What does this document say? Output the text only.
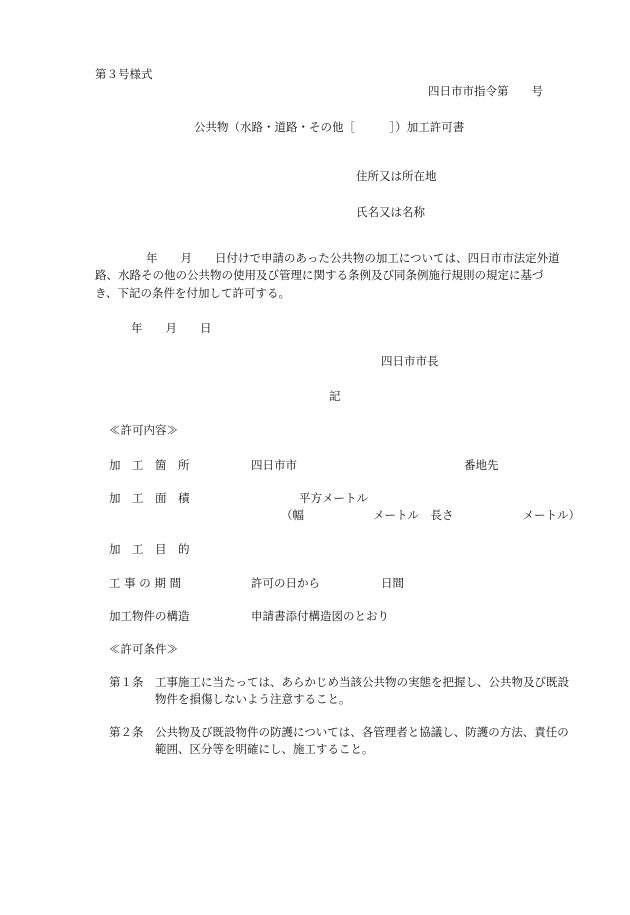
第３号様式
四日市市指令第　　号
公共物（水路・道路・その他［　　　］）加工許可書
住所又は所在地
氏名又は名称
年　　月　　日付けで申請のあった公共物の加工については、四日市市法定外道
路、水路その他の公共物の使用及び管理に関する条例及び同条例施行規則の規定に基づ
き、下記の条件を付加して許可する。
年　　月　　日
四日市市長
記
≪許可内容≫
加　工　箇　所	四日市市	番地先
加　工　面　積	平方メートル
（幅　　　　　　メートル　長さ　　　　　　メートル）
加　工　目　的
工 事 の 期 間	許可の日から	日間
加工物件の構造	申請書添付構造図のとおり
≪許可条件≫
第１条 工事施工に当たっては、あらかじめ当該公共物の実態を把握し、公共物及び既設物件を損傷しないよう注意すること。
第２条 公共物及び既設物件の防護については、各管理者と協議し、防護の方法、責任の範囲、区分等を明確にし、施工すること。
